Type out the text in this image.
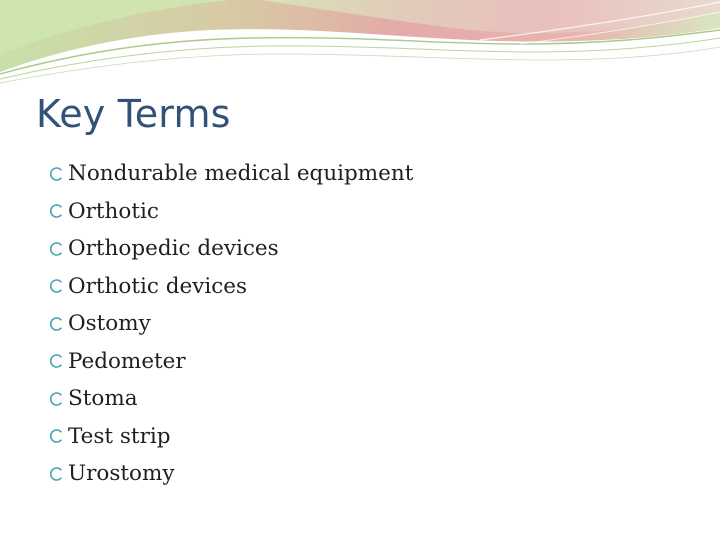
Key Terms
Nondurable medical equipment
Orthotic
Orthopedic devices
Orthotic devices
Ostomy
Pedometer
Stoma
Test strip
Urostomy
